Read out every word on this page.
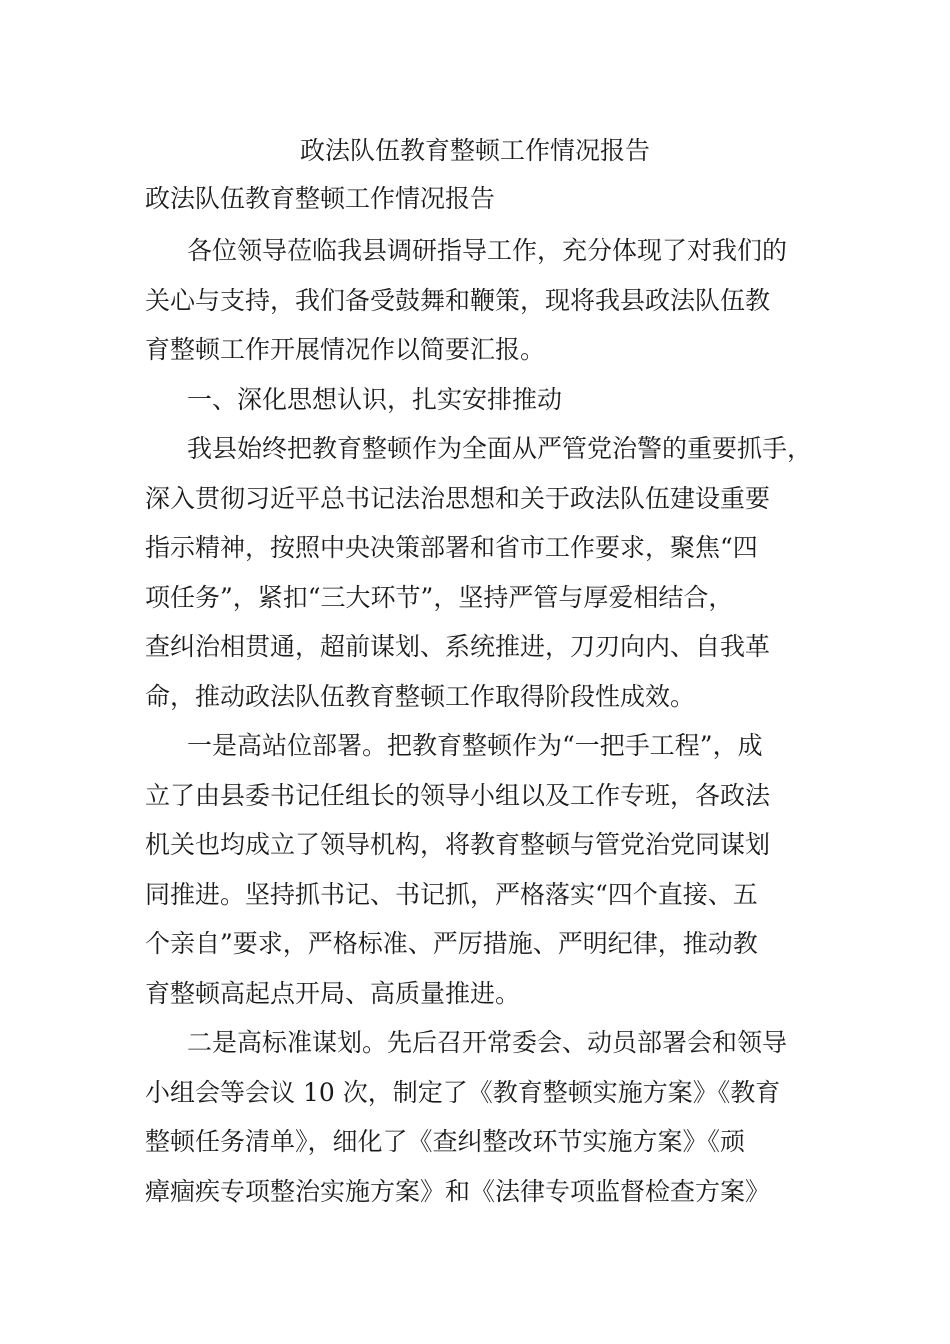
政法队伍教育整顿工作情况报告
政法队伍教育整顿工作情况报告
各位领导莅临我县调研指导工作，充分体现了对我们的
关心与支持，我们备受鼓舞和鞭策，现将我县政法队伍教
育整顿工作开展情况作以简要汇报。
一、深化思想认识，扎实安排推动
我县始终把教育整顿作为全面从严管党治警的重要抓手，
深入贯彻习近平总书记法治思想和关于政法队伍建设重要
指示精神，按照中央决策部署和省市工作要求，聚焦“四
项任务”，紧扣“三大环节”，坚持严管与厚爱相结合，
查纠治相贯通，超前谋划、系统推进，刀刃向内、自我革
命，推动政法队伍教育整顿工作取得阶段性成效。
一是高站位部署。把教育整顿作为“一把手工程”，成
立了由县委书记任组长的领导小组以及工作专班，各政法
机关也均成立了领导机构，将教育整顿与管党治党同谋划
同推进。坚持抓书记、书记抓，严格落实“四个直接、五
个亲自”要求，严格标准、严厉措施、严明纪律，推动教
育整顿高起点开局、高质量推进。
二是高标准谋划。先后召开常委会、动员部署会和领导
小组会等会议 10 次，制定了《教育整顿实施方案》《教育
整顿任务清单》，细化了《查纠整改环节实施方案》《顽
瘴痼疾专项整治实施方案》和《法律专项监督检查方案》
